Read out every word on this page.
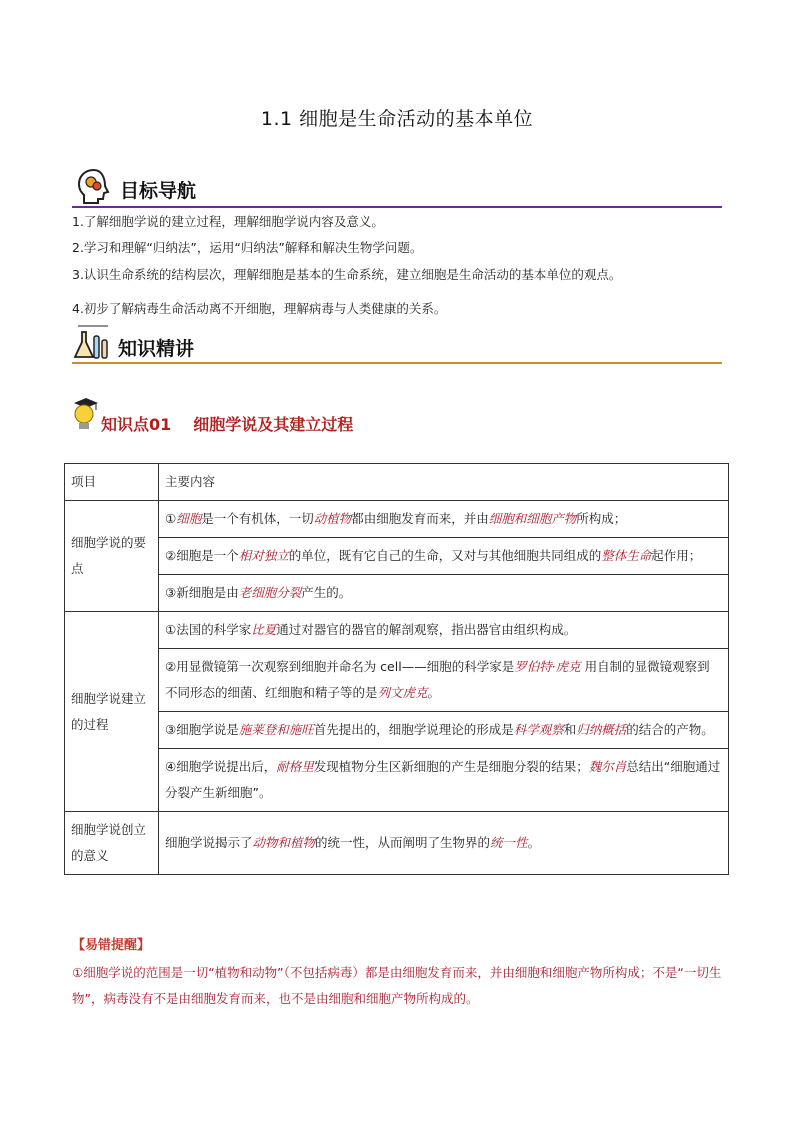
1.1 细胞是生命活动的基本单位
目标导航
1.了解细胞学说的建立过程，理解细胞学说内容及意义。
2.学习和理解“归纳法”，运用“归纳法”解释和解决生物学问题。
3.认识生命系统的结构层次，理解细胞是基本的生命系统，建立细胞是生命活动的基本单位的观点。
4.初步了解病毒生命活动离不开细胞，理解病毒与人类健康的关系。
知识精讲
知识点01 细胞学说及其建立过程
项目	主要内容
细胞学说的要点	①细胞是一个有机体，一切动植物都由细胞发育而来，并由细胞和细胞产物所构成；
	②细胞是一个相对独立的单位，既有它自己的生命，又对与其他细胞共同组成的整体生命起作用；
	③新细胞是由老细胞分裂产生的。
细胞学说建立的过程	①法国的科学家比夏通过对器官的器官的解剖观察，指出器官由组织构成。
	②用显微镜第一次观察到细胞并命名为 cell——细胞的科学家是罗伯特·虎克 用自制的显微镜观察到不同形态的细菌、红细胞和精子等的是列文虎克。
	③细胞学说是施莱登和施旺首先提出的，细胞学说理论的形成是科学观察和归纳概括的结合的产物。
	④细胞学说提出后，耐格里发现植物分生区新细胞的产生是细胞分裂的结果；魏尔肖总结出“细胞通过分裂产生新细胞”。
细胞学说创立的意义	细胞学说揭示了动物和植物的统一性，从而阐明了生物界的统一性。
【易错提醒】
①细胞学说的范围是一切“植物和动物”（不包括病毒）都是由细胞发育而来，并由细胞和细胞产物所构成；不是“一切生物”，病毒没有不是由细胞发育而来，也不是由细胞和细胞产物所构成的。
